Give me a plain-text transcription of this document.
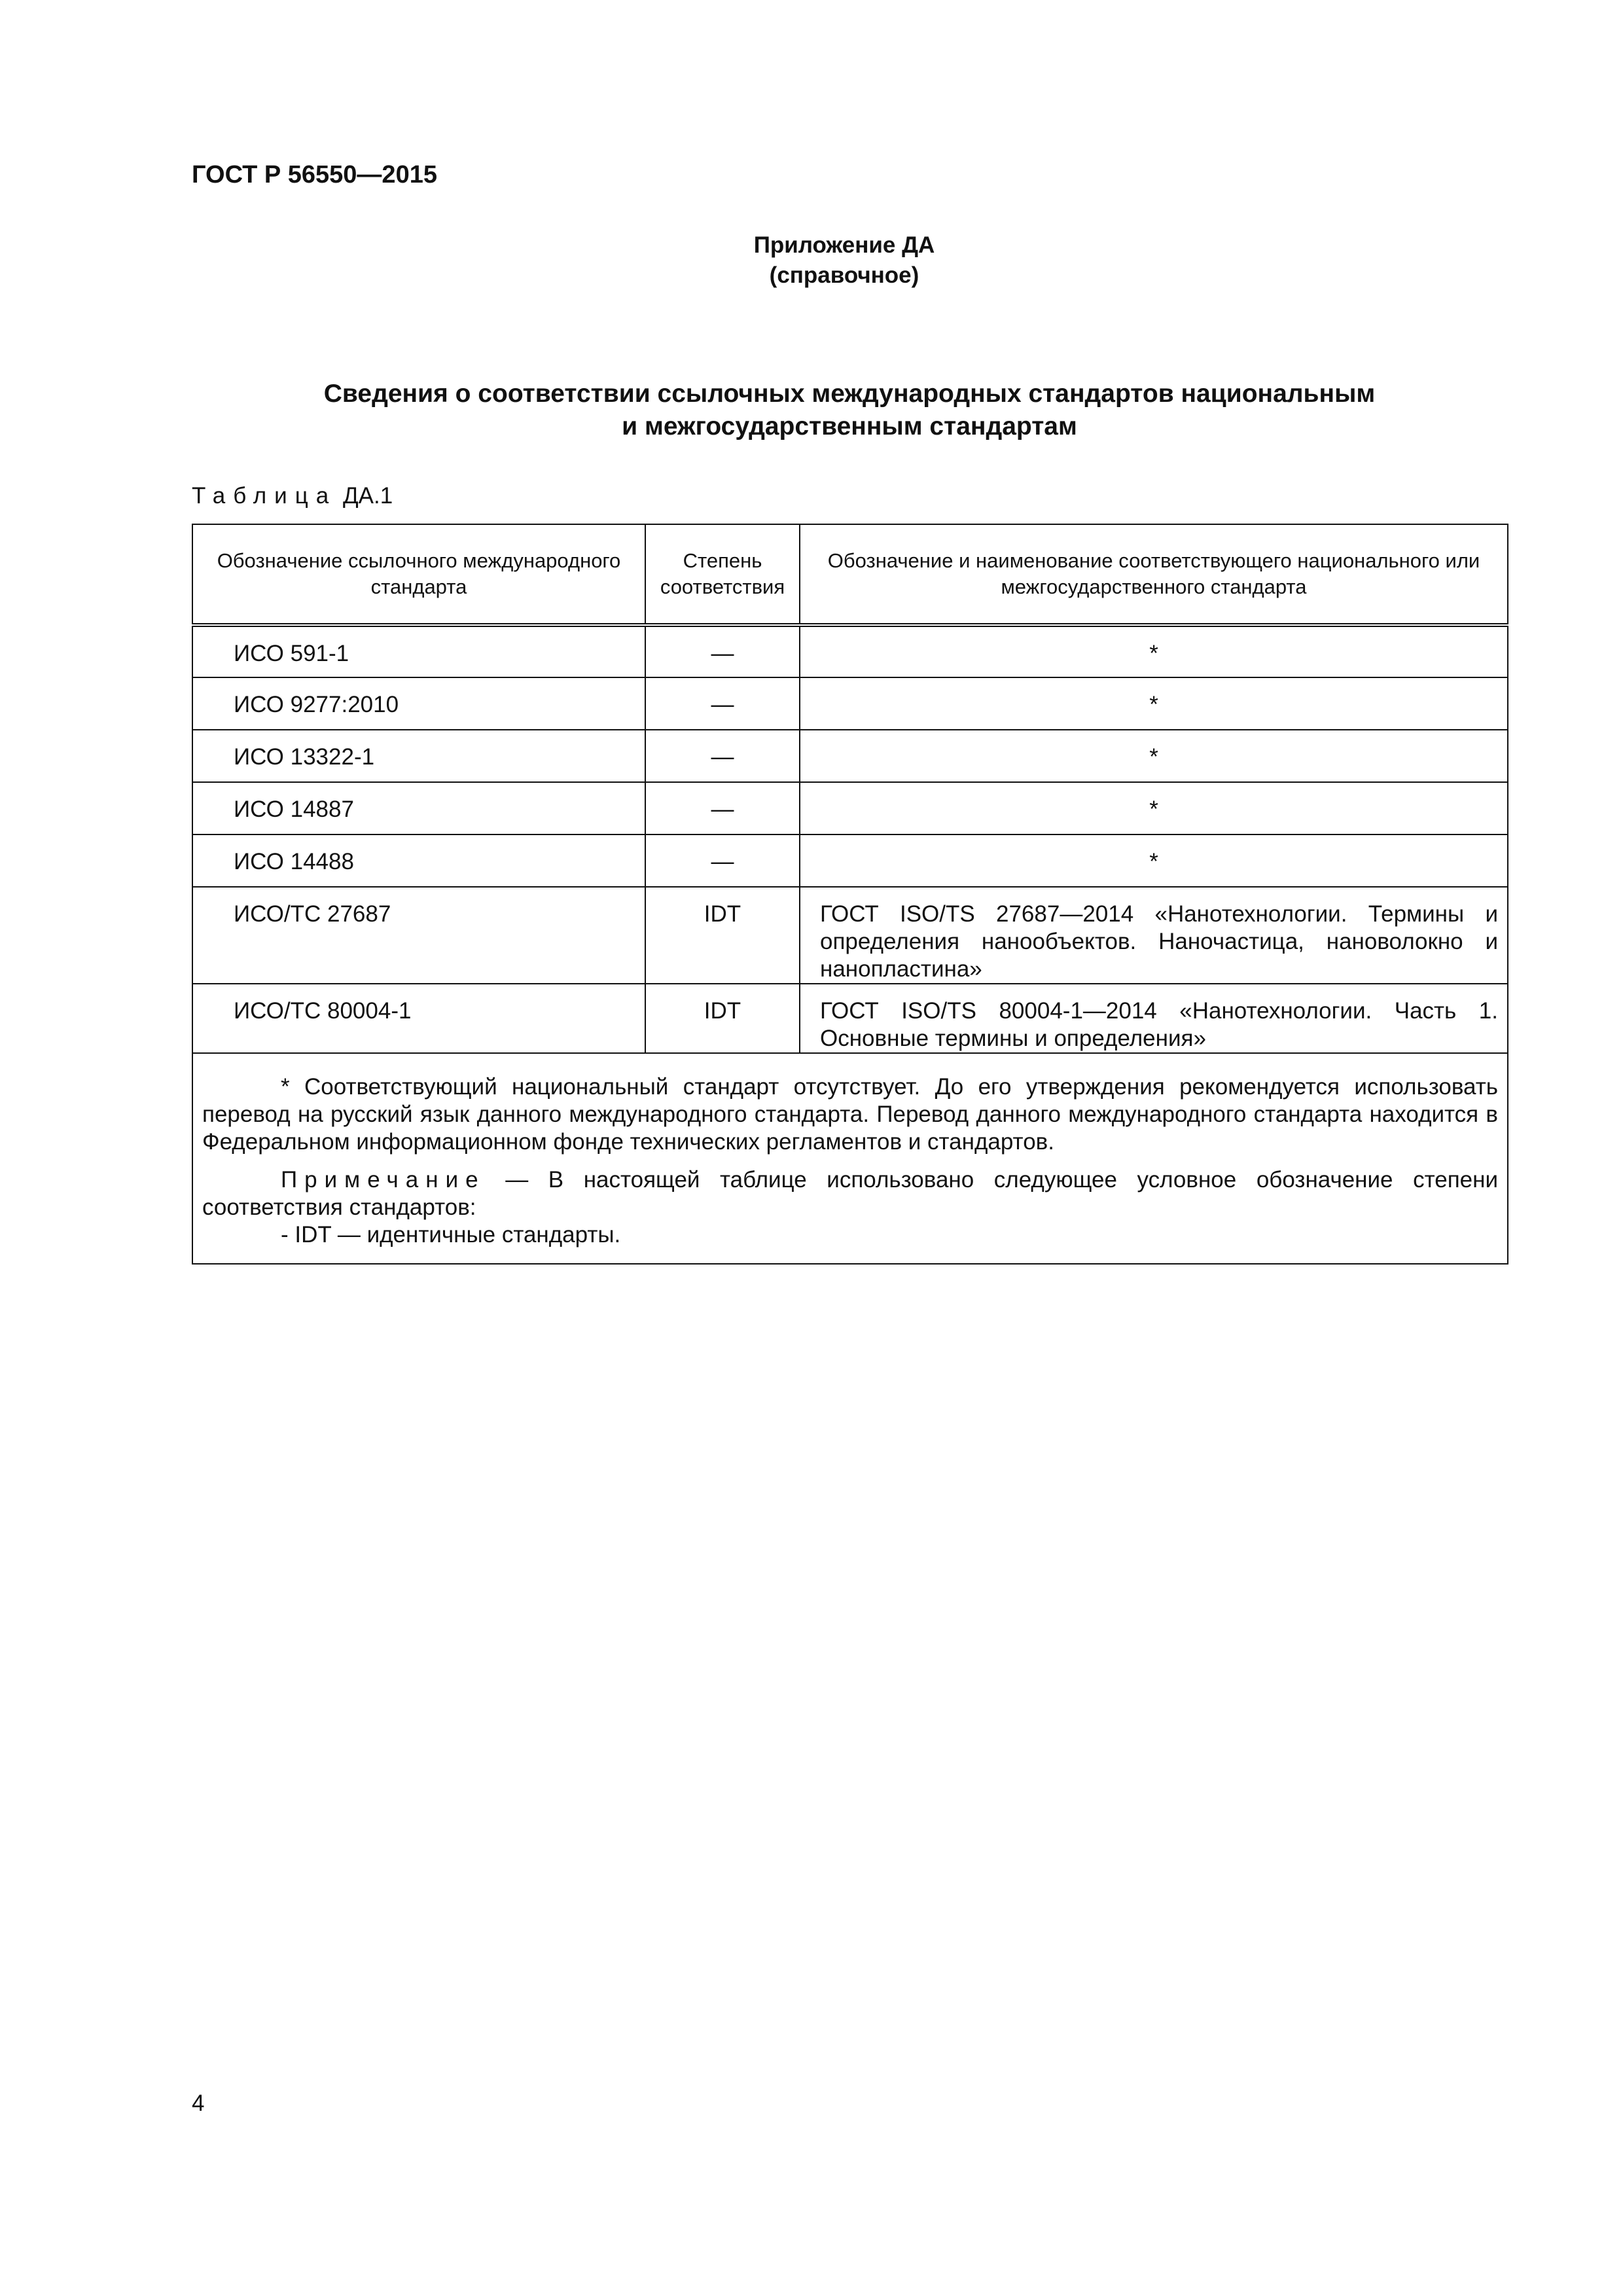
ГОСТ Р 56550—2015
Приложение ДА
(справочное)
Сведения о соответствии ссылочных международных стандартов национальным
и межгосударственным стандартам
Таблица ДА.1
Обозначение ссылочного международного стандарта	Степень соответствия	Обозначение и наименование соответствующего национального или межгосударственного стандарта
ИСО 591-1	—	*
ИСО 9277:2010	—	*
ИСО 13322-1	—	*
ИСО 14887	—	*
ИСО 14488	—	*
ИСО/ТС 27687	IDT	ГОСТ ISO/TS 27687—2014 «Нанотехнологии. Термины и определения нанообъектов. Наночастица, нановолокно и нанопластина»
ИСО/ТС 80004-1	IDT	ГОСТ ISO/TS 80004-1—2014 «Нанотехнологии. Часть 1. Основные термины и определения»

* Соответствующий национальный стандарт отсутствует. До его утверждения рекомендуется использовать перевод на русский язык данного международного стандарта. Перевод данного международного стандарта находится в Федеральном информационном фонде технических регламентов и стандартов.

Примечание — В настоящей таблице использовано следующее условное обозначение степени соответствия стандартов:

- IDT — идентичные стандарты.		

4
